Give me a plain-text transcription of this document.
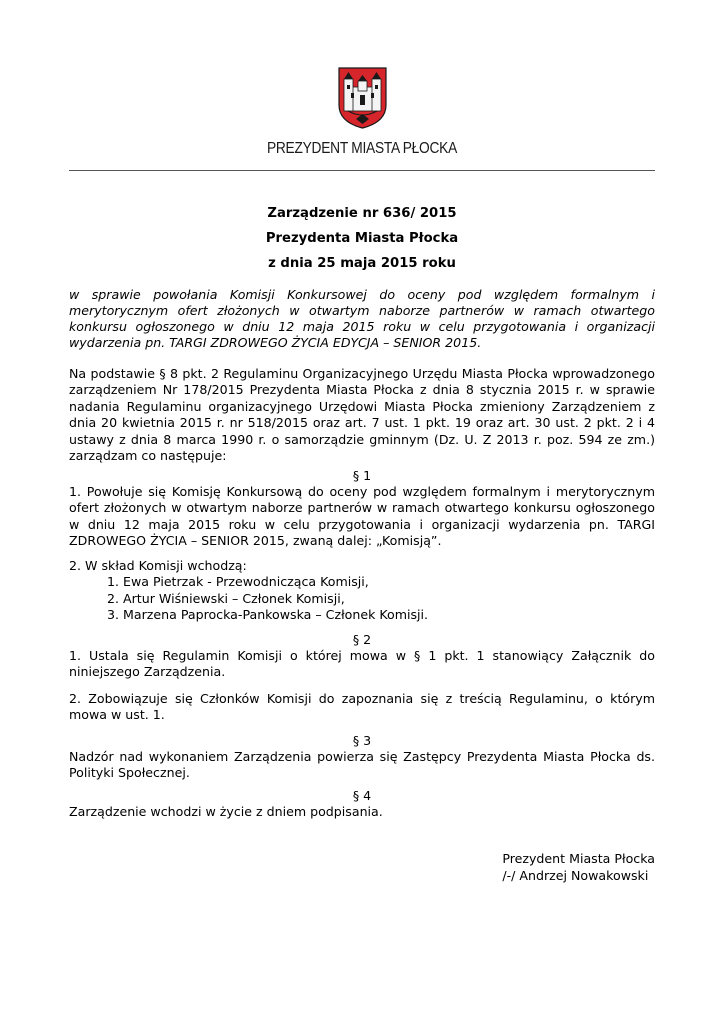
PREZYDENT MIASTA PŁOCKA
Zarządzenie nr 636/ 2015
Prezydenta Miasta Płocka
z dnia 25 maja 2015 roku
w sprawie powołania Komisji Konkursowej do oceny pod względem formalnym i merytorycznym ofert złożonych w otwartym naborze partnerów w ramach otwartego konkursu ogłoszonego w dniu 12 maja 2015 roku w celu przygotowania i organizacji wydarzenia pn. TARGI ZDROWEGO ŻYCIA EDYCJA – SENIOR 2015.
Na podstawie § 8 pkt. 2 Regulaminu Organizacyjnego Urzędu Miasta Płocka wprowadzonego zarządzeniem Nr 178/2015 Prezydenta Miasta Płocka z dnia 8 stycznia 2015 r. w sprawie nadania Regulaminu organizacyjnego Urzędowi Miasta Płocka zmieniony Zarządzeniem z dnia 20 kwietnia 2015 r. nr 518/2015 oraz art. 7 ust. 1 pkt. 19 oraz art. 30 ust. 2 pkt. 2 i 4 ustawy z dnia 8 marca 1990 r. o samorządzie gminnym (Dz. U. Z 2013 r. poz. 594 ze zm.) zarządzam co następuje:
§ 1
1. Powołuje się Komisję Konkursową do oceny pod względem formalnym i merytorycznym ofert złożonych w otwartym naborze partnerów w ramach otwartego konkursu ogłoszonego w dniu 12 maja 2015 roku w celu przygotowania i organizacji wydarzenia pn. TARGI ZDROWEGO ŻYCIA – SENIOR 2015, zwaną dalej: „Komisją”.
2. W skład Komisji wchodzą:
1. Ewa Pietrzak - Przewodnicząca Komisji,
2. Artur Wiśniewski – Członek Komisji,
3. Marzena Paprocka-Pankowska – Członek Komisji.
§ 2
1. Ustala się Regulamin Komisji o której mowa w § 1 pkt. 1 stanowiący Załącznik do niniejszego Zarządzenia.
2. Zobowiązuje się Członków Komisji do zapoznania się z treścią Regulaminu, o którym mowa w ust. 1.
§ 3
Nadzór nad wykonaniem Zarządzenia powierza się Zastępcy Prezydenta Miasta Płocka ds. Polityki Społecznej.
§ 4
Zarządzenie wchodzi w życie z dniem podpisania.
Prezydent Miasta Płocka
/-/ Andrzej Nowakowski
